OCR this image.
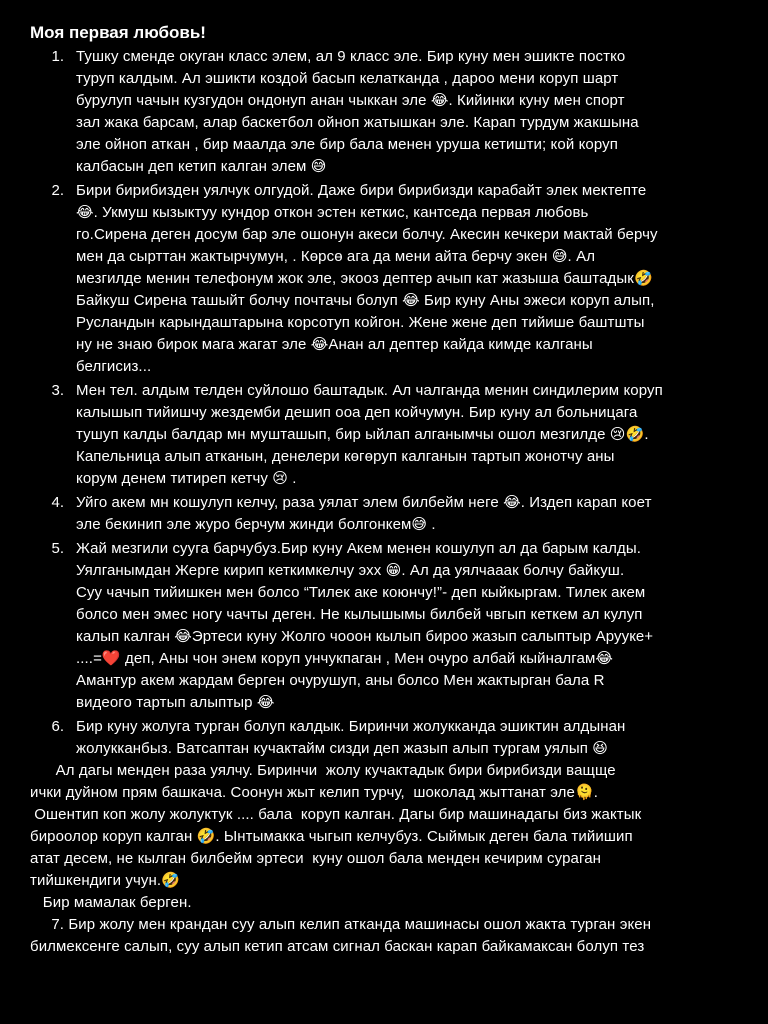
Моя первая любовь!
1. Тушку сменде окуган класс элем, ал 9 класс эле. Бир куну мен эшикте постко
туруп калдым. Ал эшикти коздой басып келатканда , дароо мени коруп шарт
бурулуп чачын кузгудон ондонуп анан чыккан эле 😂. Кийинки куну мен спорт
зал жака барсам, алар баскетбол ойноп жатышкан эле. Карап турдум жакшына
эле ойноп аткан , бир маалда эле бир бала менен уруша кетишти; кой коруп
калбасын деп кетип калган элем 😅
2. Бири бирибизден уялчук олгудой. Даже бири бирибизди карабайт элек мектепте
😂. Укмуш кызыктуу кундор откон эстен кеткис, кантседа первая любовь
го.Сирена деген досум бар эле ошонун акеси болчу. Акесин кечкери мактай берчу
мен да сырттан жактырчумун, . Көрсө ага да мени айта берчу экен 😅. Ал
мезгилде менин телефонум жок эле, экооз дептер ачып кат жазыша баштадык🤣
Байкуш Сирена ташыйт болчу почтачы болуп 😂 Бир куну Аны эжеси коруп алып,
Русландын карындаштарына корсотуп койгон. Жене жене деп тийише баштшты
ну не знаю бирок мага жагат эле 😂Анан ал дептер кайда кимде калганы
белгисиз...
3. Мен тел. алдым телден суйлошо баштадык. Ал чалганда менин синдилерим коруп
калышып тийишчу жездемби дешип ооа деп койчумун. Бир куну ал больницага
тушуп калды балдар мн мушташып, бир ыйлап алганымчы ошол мезгилде 😢🤣.
Капельница алып атканын, денелери көгөруп калганын тартып жонотчу аны
корум денем титиреп кетчу 😢 .
4. Уйго акем мн кошулуп келчу, раза уялат элем билбейм неге 😂. Издеп карап коет
эле бекинип эле журо берчум жинди болгонкем😅 .
5. Жай мезгили сууга барчубуз.Бир куну Акем менен кошулуп ал да барым калды.
Уялганымдан Жерге кирип кеткимкелчу эхх 😁. Ал да уялчааак болчу байкуш.
Суу чачып тийишкен мен болсо “Тилек аке коюнчу!”- деп кыйкыргам. Тилек акем
болсо мен эмес ногу чачты деген. Не кылышымы билбей чвгып кеткем ал кулуп
калып калган 😂Эртеси куну Жолго чооон кылып бироо жазып салыптыр Аруукe+
....=❤️ деп, Аны чон энем коруп унчукпаган , Мен очуро албай кыйналгам😂
Амантур акем жардам берген очурушуп, аны болсо Мен жактырган бала R
видеого тартып алыптыр 😂
6. Бир куну жолуга турган болуп калдык. Биринчи жолукканда эшиктин алдынан
жолукканбыз. Ватсаптан кучактайм сизди деп жазып алып тургам уялып 😆
Ал дагы менден раза уялчу. Биринчи  жолу кучактадык бири бирибизди ващще
ички дуйном прям башкача. Соонун жыт келип турчу,  шоколад жыттанат эле🫠.
Ошентип коп жолу жолуктук .... бала  коруп калган. Дагы бир машинадагы биз жактык
бироолор коруп калган 🤣. Ынтымакка чыгып келчубуз. Сыймык деген бала тийишип
атат десем, не кылган билбейм эртеси  куну ошол бала менден кечирим сураган
тийшкендиги учун.🤣
Бир мамалак берген.
7. Бир жолу мен крандан суу алып келип атканда машинасы ошол жакта турган экен
билмексенге салып, суу алып кетип атсам сигнал баскан карап байкамаксан болуп тез
